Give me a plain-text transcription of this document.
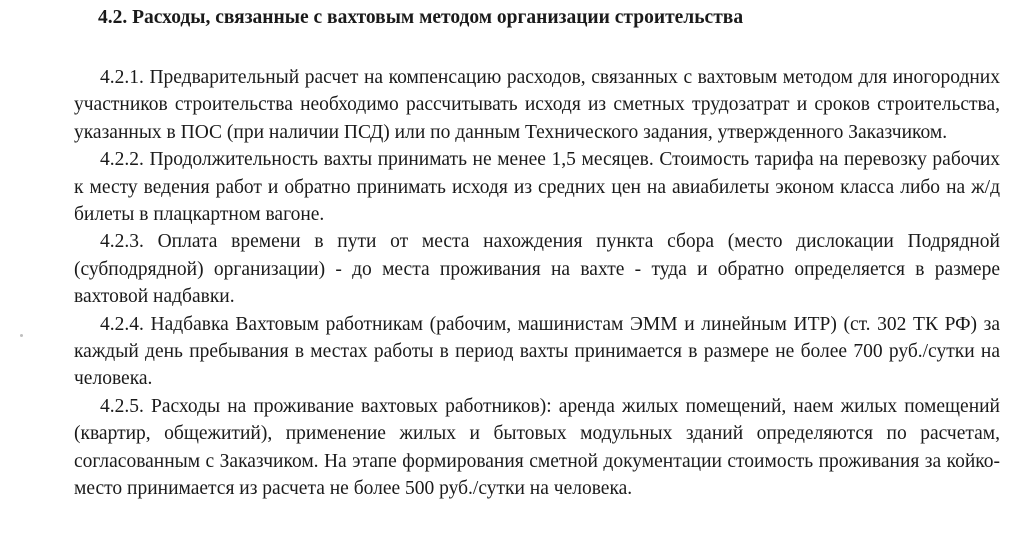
4.2. Расходы, связанные с вахтовым методом организации строительства

4.2.1. Предварительный расчет на компенсацию расходов, связанных с вахтовым методом для иногородних участников строительства необходимо рассчитывать исходя из сметных трудозатрат и сроков строительства, указанных в ПОС (при наличии ПСД) или по данным Технического задания, утвержденного Заказчиком.

4.2.2. Продолжительность вахты принимать не менее 1,5 месяцев. Стоимость тарифа на перевозку рабочих к месту ведения работ и обратно принимать исходя из средних цен на авиабилеты эконом класса либо на ж/д билеты в плацкартном вагоне.

4.2.3. Оплата времени в пути от места нахождения пункта сбора (место дислокации Подрядной (субподрядной) организации) - до места проживания на вахте - туда и обратно определяется в размере вахтовой надбавки.

4.2.4. Надбавка Вахтовым работникам (рабочим, машинистам ЭММ и линейным ИТР) (ст. 302 ТК РФ) за каждый день пребывания в местах работы в период вахты принимается в размере не более 700 руб./сутки на человека.

4.2.5. Расходы на проживание вахтовых работников): аренда жилых помещений, наем жилых помещений (квартир, общежитий), применение жилых и бытовых модульных зданий определяются по расчетам, согласованным с Заказчиком. На этапе формирования сметной документации стоимость проживания за койко-место принимается из расчета не более 500 руб./сутки на человека.
